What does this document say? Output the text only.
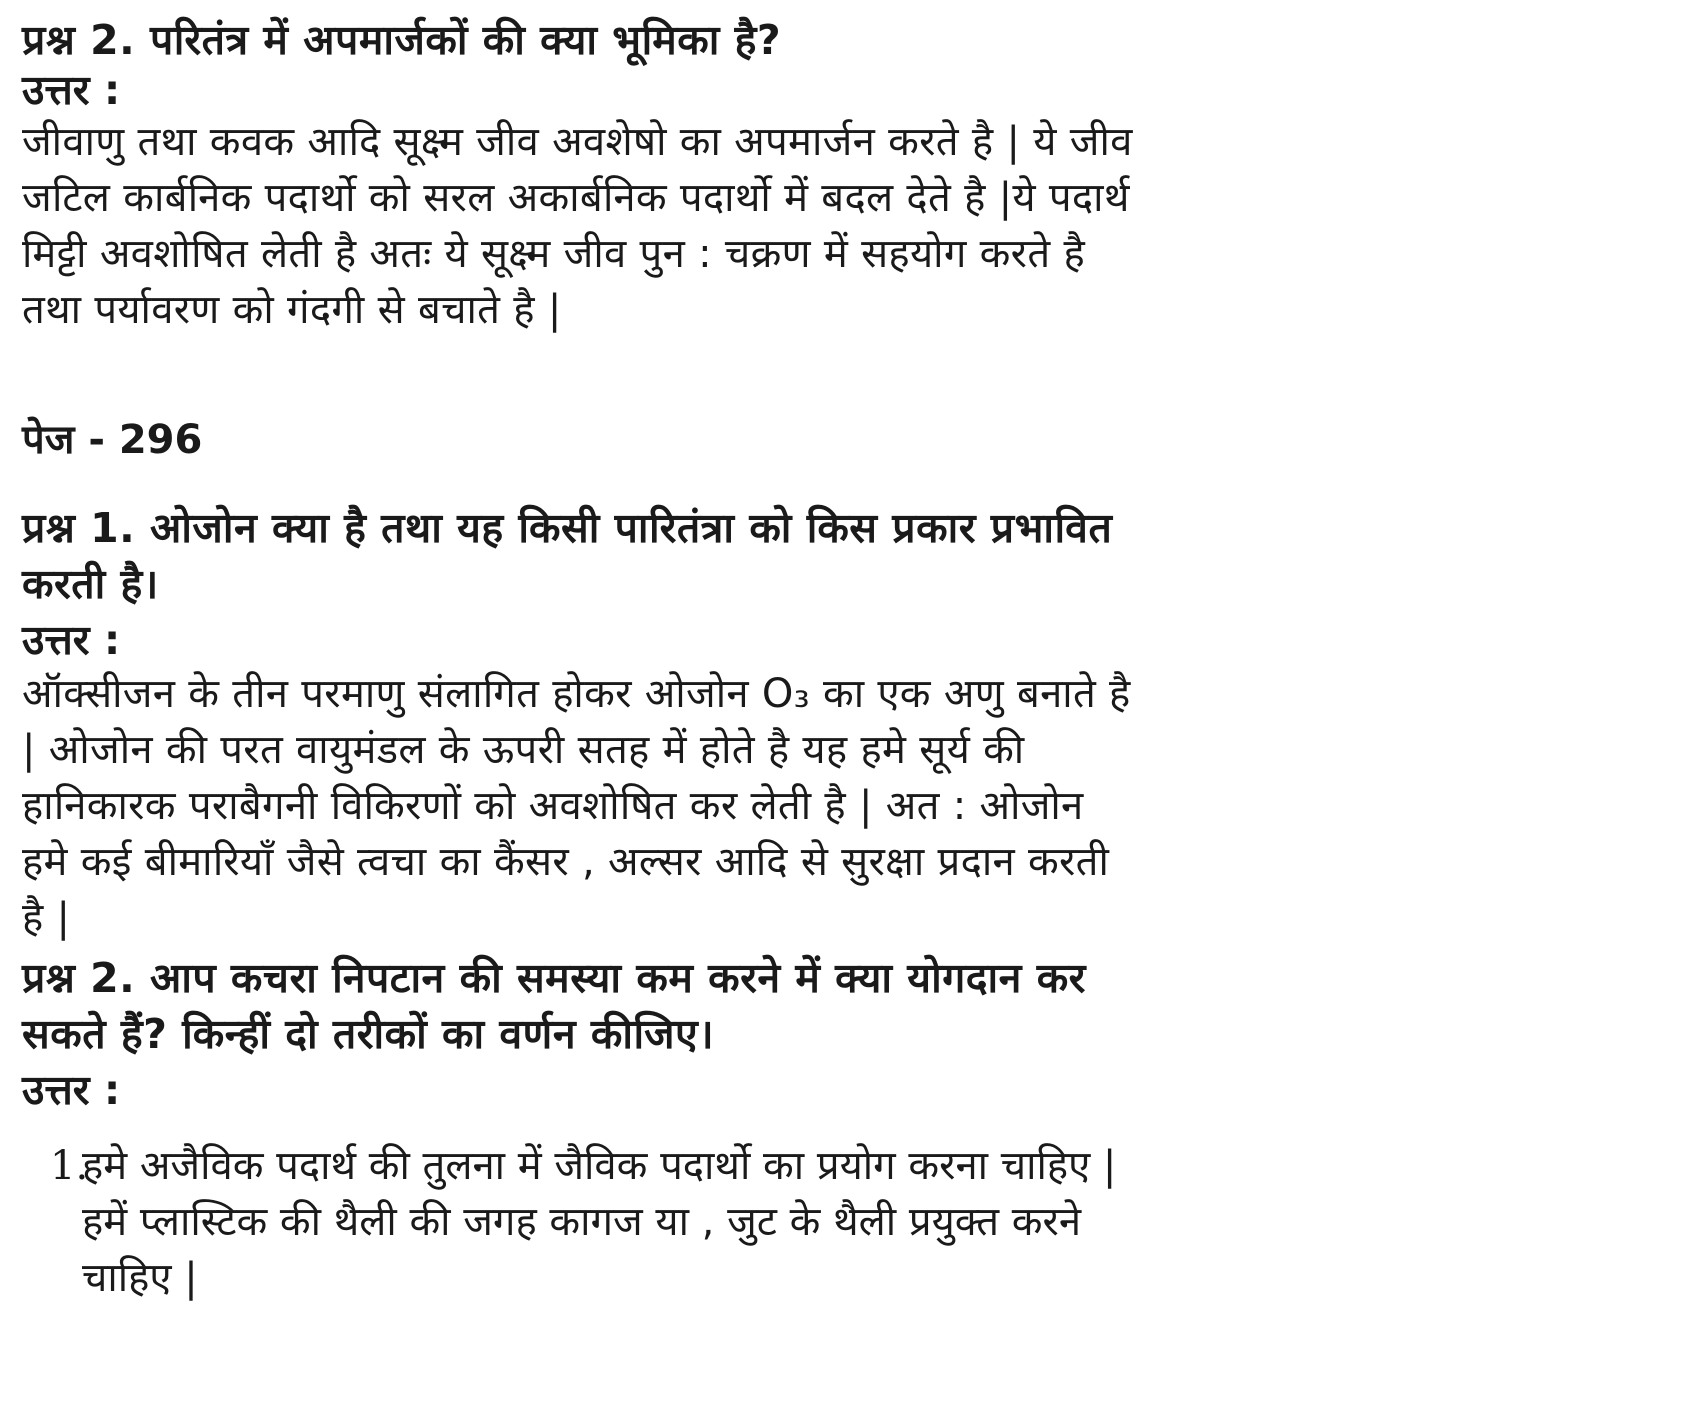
प्रश्न 2. परितंत्र में अपमार्जकों की क्या भूमिका है?

उत्तर :

जीवाणु तथा कवक आदि सूक्ष्म जीव अवशेषो का अपमार्जन करते है | ये जीव जटिल कार्बनिक पदार्थो को सरल अकार्बनिक पदार्थो में बदल देते है |ये पदार्थ मिट्टी अवशोषित लेती है अतः ये सूक्ष्म जीव पुन : चक्रण में सहयोग करते है तथा पर्यावरण को गंदगी से बचाते है |

पेज - 296

प्रश्न 1. ओजोन क्या है तथा यह किसी पारितंत्रा को किस प्रकार प्रभावित करती है।

उत्तर :

ऑक्सीजन के तीन परमाणु संलागित होकर ओजोन O₃ का एक अणु बनाते है | ओजोन की परत वायुमंडल के ऊपरी सतह में होते है यह हमे सूर्य की हानिकारक पराबैगनी विकिरणों को अवशोषित कर लेती है | अत : ओजोन हमे कई बीमारियाँ जैसे त्वचा का कैंसर , अल्सर आदि से सुरक्षा प्रदान करती है |

प्रश्न 2. आप कचरा निपटान की समस्या कम करने में क्या योगदान कर सकते हैं? किन्हीं दो तरीकों का वर्णन कीजिए।

उत्तर :

1.
हमे अजैविक पदार्थ की तुलना में जैविक पदार्थो का प्रयोग करना चाहिए | हमें प्लास्टिक की थैली की जगह कागज या , जुट के थैली प्रयुक्त करने चाहिए |
